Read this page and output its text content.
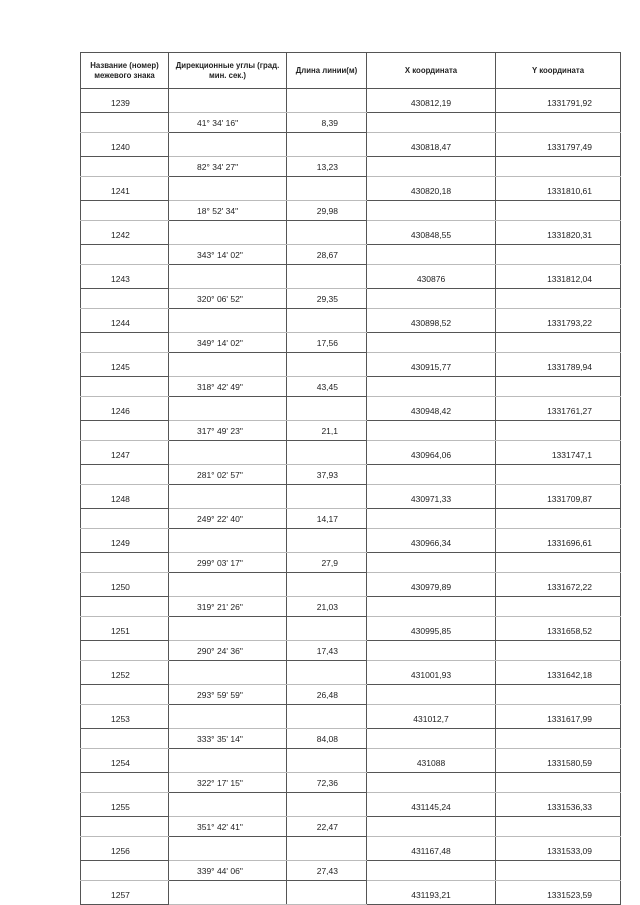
Название (номер) межевого знака	Дирекционные углы (град. мин. сек.)	Длина линии(м)	X координата	Y координата
1239			430812,19	1331791,92
	41° 34' 16"	8,39		
1240			430818,47	1331797,49
	82° 34' 27"	13,23		
1241			430820,18	1331810,61
	18° 52' 34"	29,98		
1242			430848,55	1331820,31
	343° 14' 02"	28,67		
1243			430876	1331812,04
	320° 06' 52"	29,35		
1244			430898,52	1331793,22
	349° 14' 02"	17,56		
1245			430915,77	1331789,94
	318° 42' 49"	43,45		
1246			430948,42	1331761,27
	317° 49' 23"	21,1		
1247			430964,06	1331747,1
	281° 02' 57"	37,93		
1248			430971,33	1331709,87
	249° 22' 40"	14,17		
1249			430966,34	1331696,61
	299° 03' 17"	27,9		
1250			430979,89	1331672,22
	319° 21' 26"	21,03		
1251			430995,85	1331658,52
	290° 24' 36"	17,43		
1252			431001,93	1331642,18
	293° 59' 59"	26,48		
1253			431012,7	1331617,99
	333° 35' 14"	84,08		
1254			431088	1331580,59
	322° 17' 15"	72,36		
1255			431145,24	1331536,33
	351° 42' 41"	22,47		
1256			431167,48	1331533,09
	339° 44' 06"	27,43		
1257			431193,21	1331523,59
